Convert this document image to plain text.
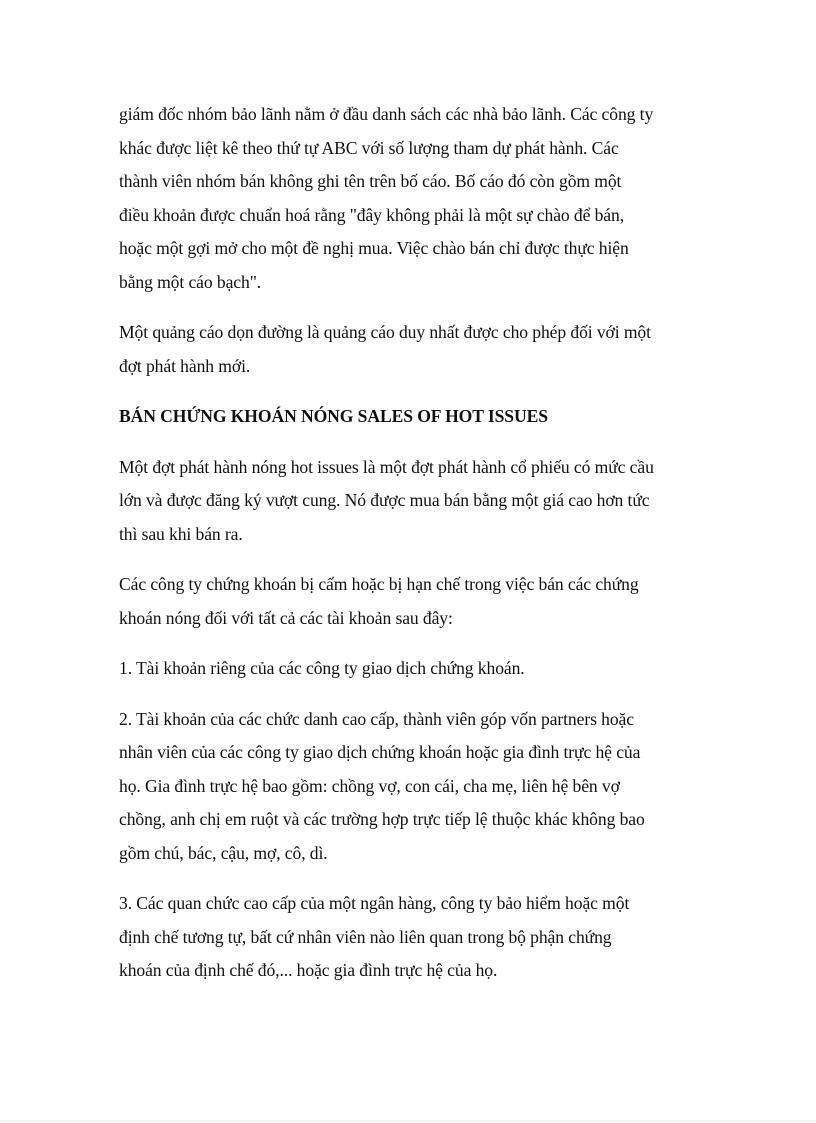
giám đốc nhóm bảo lãnh nằm ở đầu danh sách các nhà bảo lãnh. Các công ty
khác được liệt kê theo thứ tự ABC với số lượng tham dự phát hành. Các
thành viên nhóm bán không ghi tên trên bố cáo. Bố cáo đó còn gồm một
điều khoản được chuẩn hoá rằng "đây không phải là một sự chào để bán,
hoặc một gợi mở cho một đề nghị mua. Việc chào bán chỉ được thực hiện
bằng một cáo bạch".
Một quảng cáo dọn đường là quảng cáo duy nhất được cho phép đối với một
đợt phát hành mới.
BÁN CHỨNG KHOÁN NÓNG SALES OF HOT ISSUES
Một đợt phát hành nóng hot issues là một đợt phát hành cổ phiếu có mức cầu
lớn và được đăng ký vượt cung. Nó được mua bán bằng một giá cao hơn tức
thì sau khi bán ra.
Các công ty chứng khoán bị cấm hoặc bị hạn chế trong việc bán các chứng
khoán nóng đối với tất cả các tài khoản sau đây:
1. Tài khoản riêng của các công ty giao dịch chứng khoán.
2. Tài khoản của các chức danh cao cấp, thành viên góp vốn partners hoặc
nhân viên của các công ty giao dịch chứng khoán hoặc gia đình trực hệ của
họ. Gia đình trực hệ bao gồm: chồng vợ, con cái, cha mẹ, liên hệ bên vợ
chồng, anh chị em ruột và các trường hợp trực tiếp lệ thuộc khác không bao
gồm chú, bác, cậu, mợ, cô, dì.
3. Các quan chức cao cấp của một ngân hàng, công ty bảo hiểm hoặc một
định chế tương tự, bất cứ nhân viên nào liên quan trong bộ phận chứng
khoán của định chế đó,... hoặc gia đình trực hệ của họ.
